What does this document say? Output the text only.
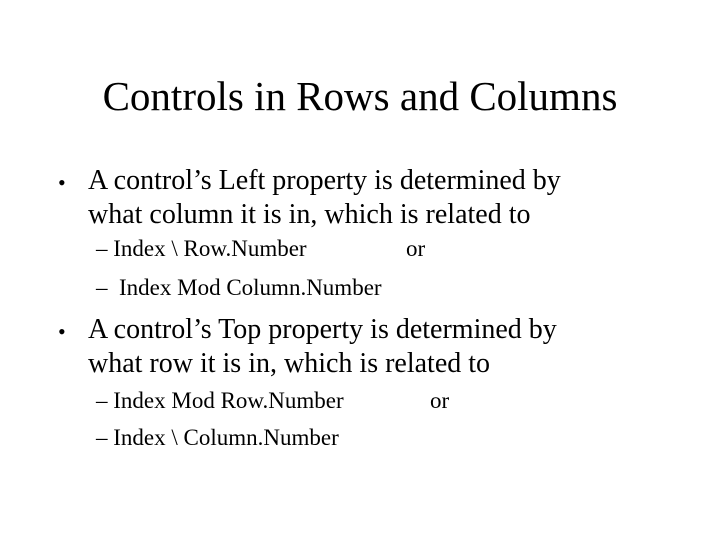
Controls in Rows and Columns
• A control’s Left property is determined by
what column it is in, which is related to
– Index \ Row.Number	or
–  Index Mod Column.Number
• A control’s Top property is determined by
what row it is in, which is related to
– Index Mod Row.Number	or
– Index \ Column.Number
